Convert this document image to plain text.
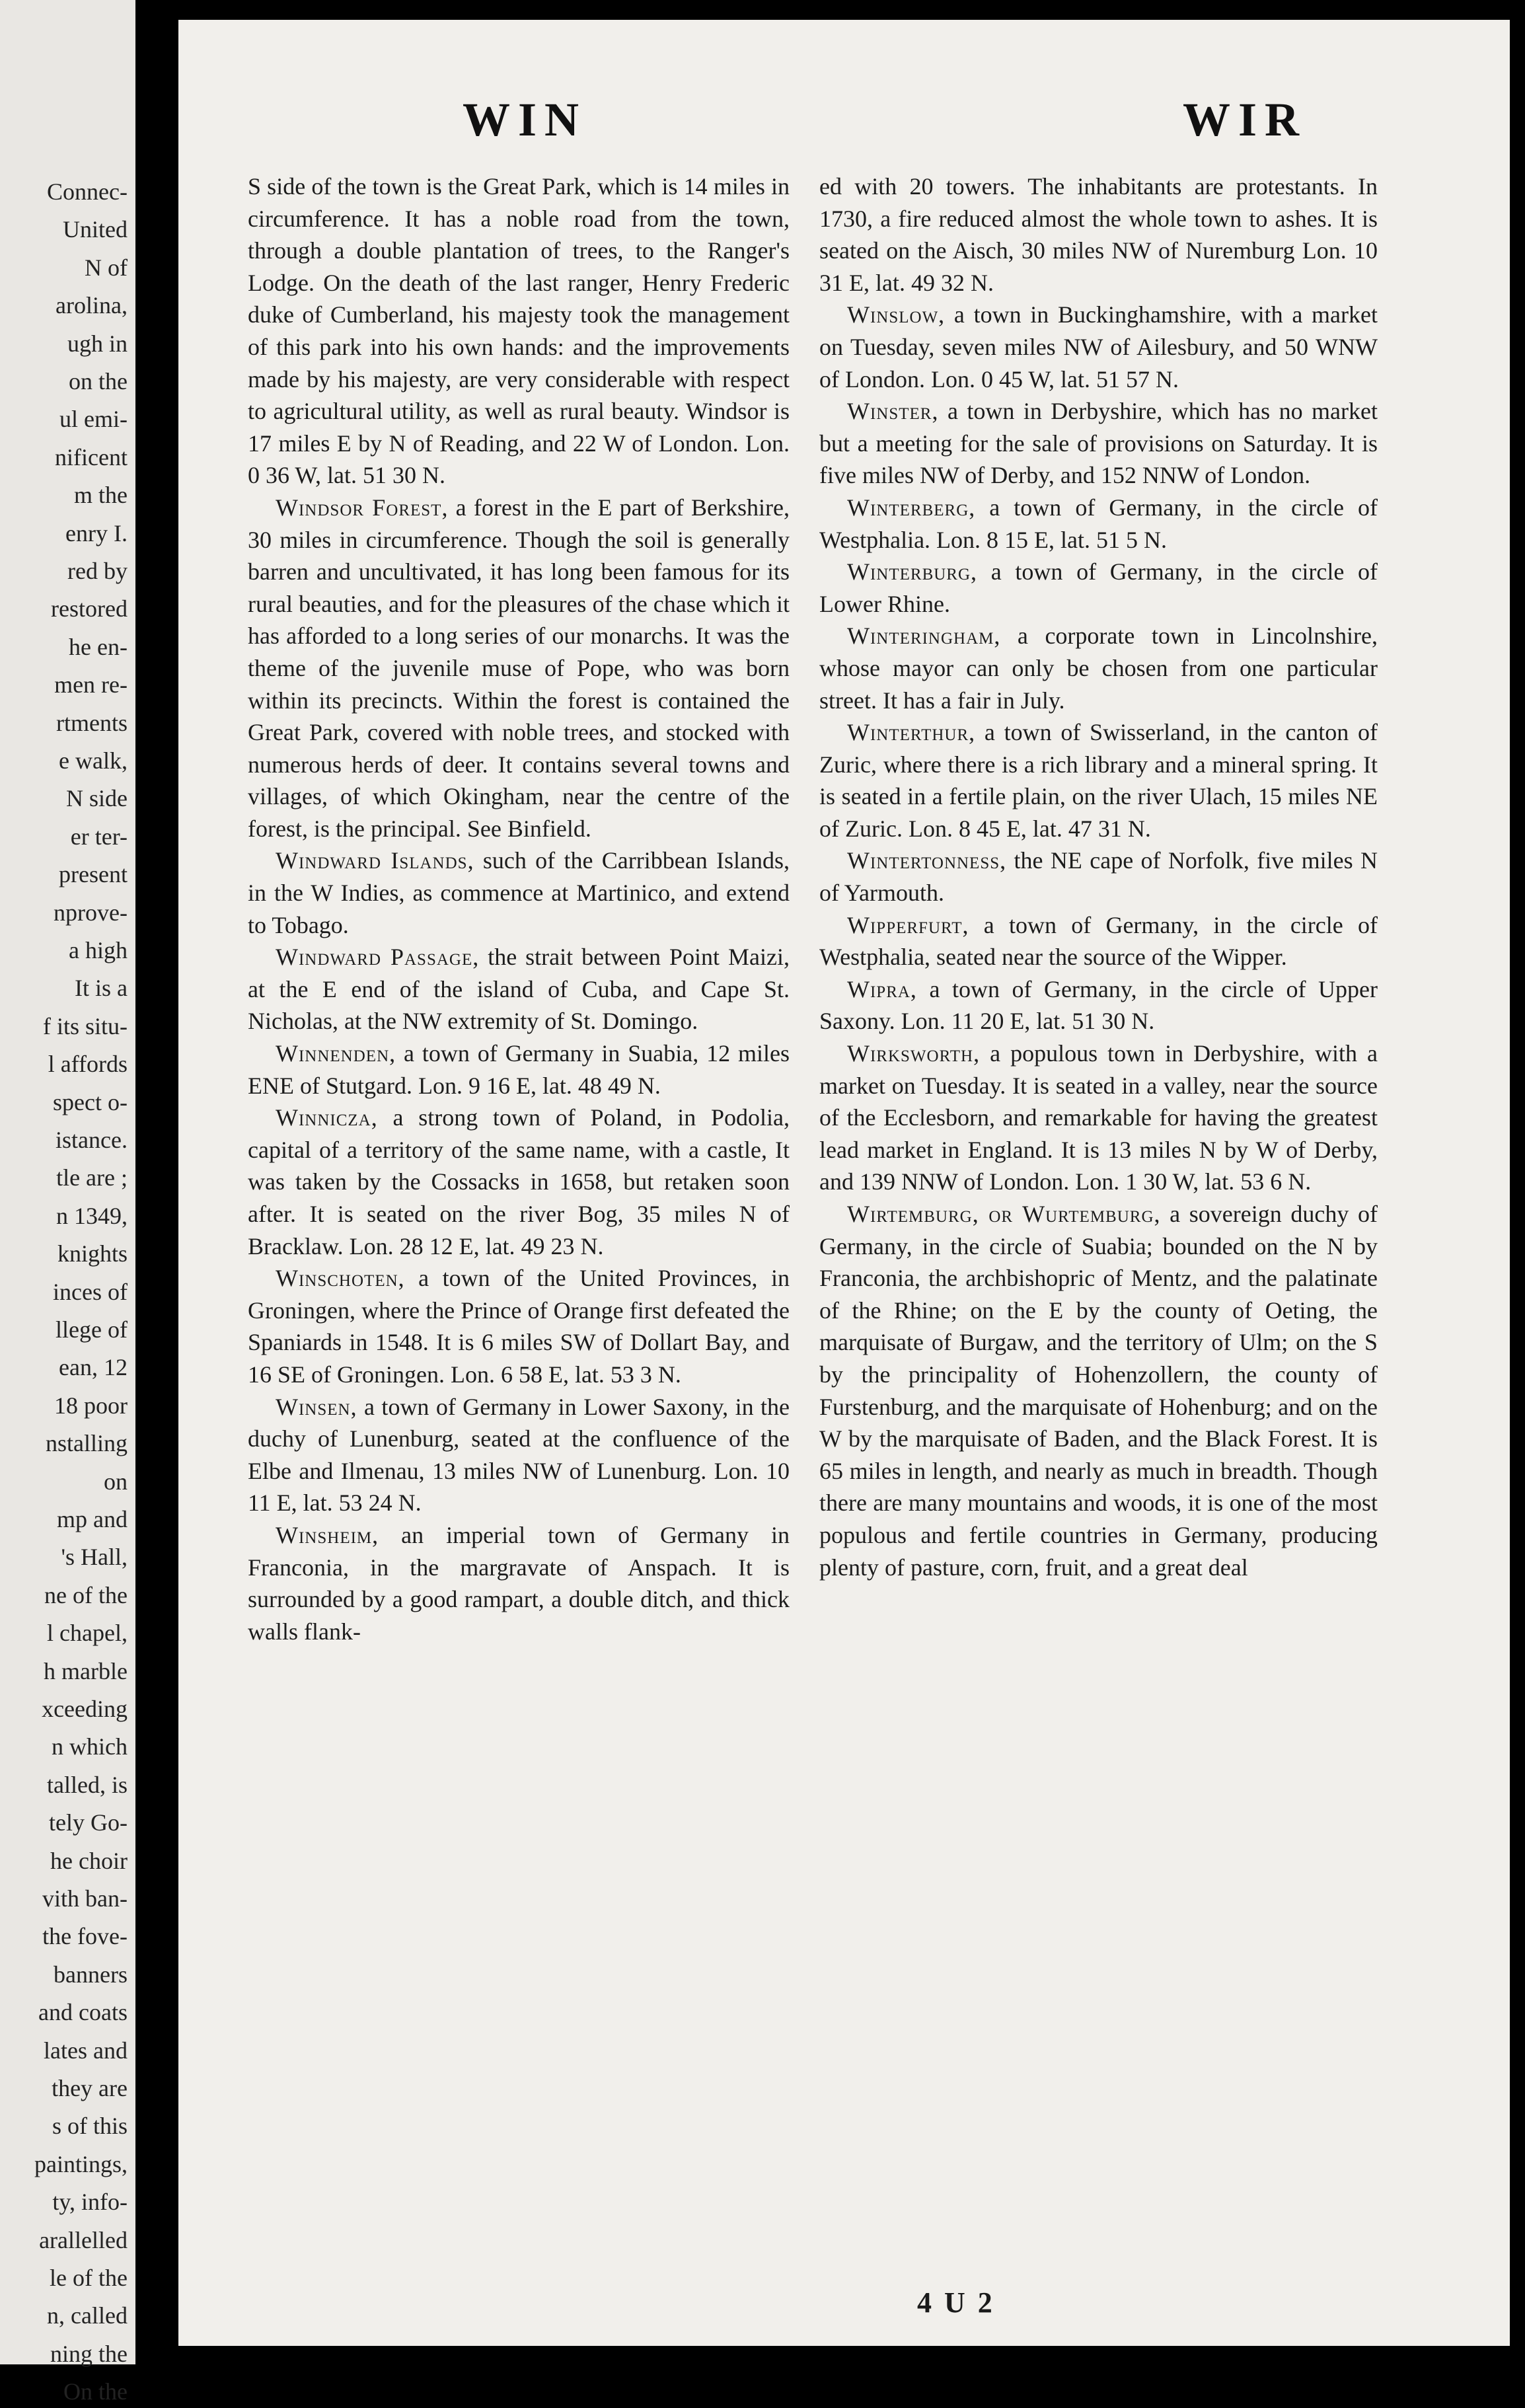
Connec-
United
N of
arolina,
ugh in
on the
ul emi-
nificent
m the
enry I.
red by
restored
he en-
men re-
rtments
e walk,
N side
er ter-
present
nprove-
a high
It is a
f its situ-
l affords
spect o-
istance.
tle are ;
n 1349,
knights
inces of
llege of
ean, 12
18 poor
nstalling
on
mp and
's Hall,
ne of the
l chapel,
h marble
xceeding
n which
talled, is
tely Go-
he choir
vith ban-
the fove-
banners
and coats
lates and
they are
s of this
paintings,
ty, info-
arallelled
le of the
n, called
ning the
On the
WIN	WIR

S side of the town is the Great Park, which is 14 miles in circumference. It has a noble road from the town, through a double plantation of trees, to the Ranger's Lodge. On the death of the last ranger, Henry Frederic duke of Cumberland, his majesty took the management of this park into his own hands: and the improvements made by his majesty, are very considerable with respect to agricultural utility, as well as rural beauty. Windsor is 17 miles E by N of Reading, and 22 W of London. Lon. 0 36 W, lat. 51 30 N.

Windsor Forest, a forest in the E part of Berkshire, 30 miles in circumference. Though the soil is generally barren and uncultivated, it has long been famous for its rural beauties, and for the pleasures of the chase which it has afforded to a long series of our monarchs. It was the theme of the juvenile muse of Pope, who was born within its precincts. Within the forest is contained the Great Park, covered with noble trees, and stocked with numerous herds of deer. It contains several towns and villages, of which Okingham, near the centre of the forest, is the principal. See Binfield.

Windward Islands, such of the Carribbean Islands, in the W Indies, as commence at Martinico, and extend to Tobago.

Windward Passage, the strait between Point Maizi, at the E end of the island of Cuba, and Cape St. Nicholas, at the NW extremity of St. Domingo.

Winnenden, a town of Germany in Suabia, 12 miles ENE of Stutgard. Lon. 9 16 E, lat. 48 49 N.

Winnicza, a strong town of Poland, in Podolia, capital of a territory of the same name, with a castle, It was taken by the Cossacks in 1658, but retaken soon after. It is seated on the river Bog, 35 miles N of Bracklaw. Lon. 28 12 E, lat. 49 23 N.

Winschoten, a town of the United Provinces, in Groningen, where the Prince of Orange first defeated the Spaniards in 1548. It is 6 miles SW of Dollart Bay, and 16 SE of Groningen. Lon. 6 58 E, lat. 53 3 N.

Winsen, a town of Germany in Lower Saxony, in the duchy of Lunenburg, seated at the confluence of the Elbe and Ilmenau, 13 miles NW of Lunenburg. Lon. 10 11 E, lat. 53 24 N.

Winsheim, an imperial town of Germany in Franconia, in the margravate of Anspach. It is surrounded by a good rampart, a double ditch, and thick walls flank-

ed with 20 towers. The inhabitants are protestants. In 1730, a fire reduced almost the whole town to ashes. It is seated on the Aisch, 30 miles NW of Nuremburg Lon. 10 31 E, lat. 49 32 N.

Winslow, a town in Buckinghamshire, with a market on Tuesday, seven miles NW of Ailesbury, and 50 WNW of London. Lon. 0 45 W, lat. 51 57 N.

Winster, a town in Derbyshire, which has no market but a meeting for the sale of provisions on Saturday. It is five miles NW of Derby, and 152 NNW of London.

Winterberg, a town of Germany, in the circle of Westphalia. Lon. 8 15 E, lat. 51 5 N.

Winterburg, a town of Germany, in the circle of Lower Rhine.

Winteringham, a corporate town in Lincolnshire, whose mayor can only be chosen from one particular street. It has a fair in July.

Winterthur, a town of Swisserland, in the canton of Zuric, where there is a rich library and a mineral spring. It is seated in a fertile plain, on the river Ulach, 15 miles NE of Zuric. Lon. 8 45 E, lat. 47 31 N.

Wintertonness, the NE cape of Norfolk, five miles N of Yarmouth.

Wipperfurt, a town of Germany, in the circle of Westphalia, seated near the source of the Wipper.

Wipra, a town of Germany, in the circle of Upper Saxony. Lon. 11 20 E, lat. 51 30 N.

Wirksworth, a populous town in Derbyshire, with a market on Tuesday. It is seated in a valley, near the source of the Ecclesborn, and remarkable for having the greatest lead market in England. It is 13 miles N by W of Derby, and 139 NNW of London. Lon. 1 30 W, lat. 53 6 N.

Wirtemburg, or Wurtemburg, a sovereign duchy of Germany, in the circle of Suabia; bounded on the N by Franconia, the archbishopric of Mentz, and the palatinate of the Rhine; on the E by the county of Oeting, the marquisate of Burgaw, and the territory of Ulm; on the S by the principality of Hohenzollern, the county of Furstenburg, and the marquisate of Hohenburg; and on the W by the marquisate of Baden, and the Black Forest. It is 65 miles in length, and nearly as much in breadth. Though there are many mountains and woods, it is one of the most populous and fertile countries in Germany, producing plenty of pasture, corn, fruit, and a great deal

4 U 2
